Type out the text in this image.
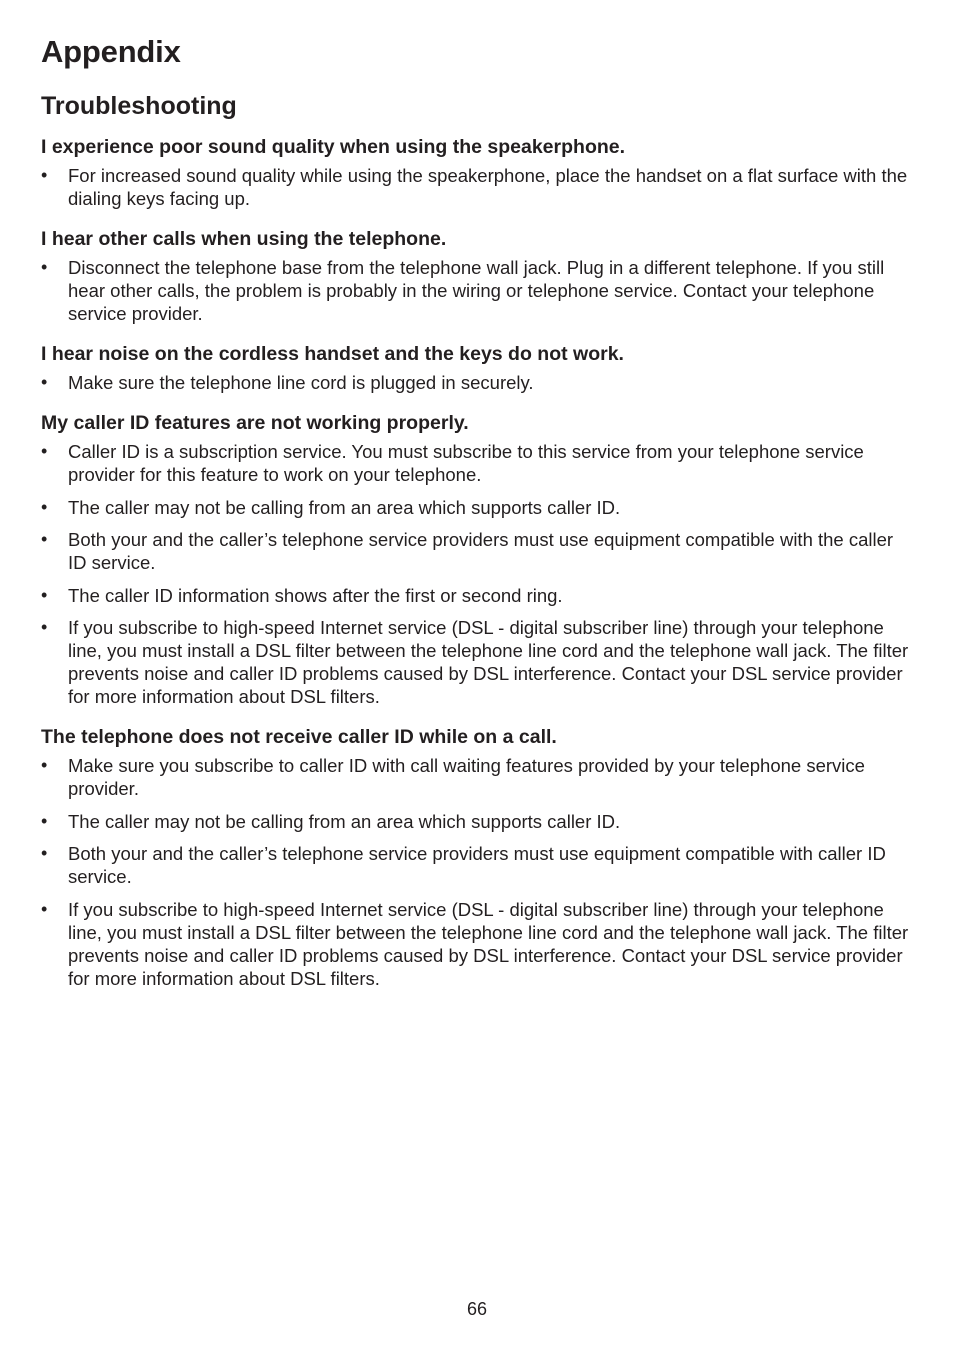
Appendix
Troubleshooting
I experience poor sound quality when using the speakerphone.
• For increased sound quality while using the speakerphone, place the handset on a flat surface with the dialing keys facing up.
I hear other calls when using the telephone.
• Disconnect the telephone base from the telephone wall jack. Plug in a different telephone. If you still hear other calls, the problem is probably in the wiring or telephone service. Contact your telephone service provider.
I hear noise on the cordless handset and the keys do not work.
• Make sure the telephone line cord is plugged in securely.
My caller ID features are not working properly.
• Caller ID is a subscription service. You must subscribe to this service from your telephone service provider for this feature to work on your telephone.
• The caller may not be calling from an area which supports caller ID.
• Both your and the caller’s telephone service providers must use equipment compatible with the caller ID service.
• The caller ID information shows after the first or second ring.
• If you subscribe to high-speed Internet service (DSL - digital subscriber line) through your telephone line, you must install a DSL filter between the telephone line cord and the telephone wall jack. The filter prevents noise and caller ID problems caused by DSL interference. Contact your DSL service provider for more information about DSL filters.
The telephone does not receive caller ID while on a call.
• Make sure you subscribe to caller ID with call waiting features provided by your telephone service provider.
• The caller may not be calling from an area which supports caller ID.
• Both your and the caller’s telephone service providers must use equipment compatible with caller ID service.
• If you subscribe to high-speed Internet service (DSL - digital subscriber line) through your telephone line, you must install a DSL filter between the telephone line cord and the telephone wall jack. The filter prevents noise and caller ID problems caused by DSL interference. Contact your DSL service provider for more information about DSL filters.
66
